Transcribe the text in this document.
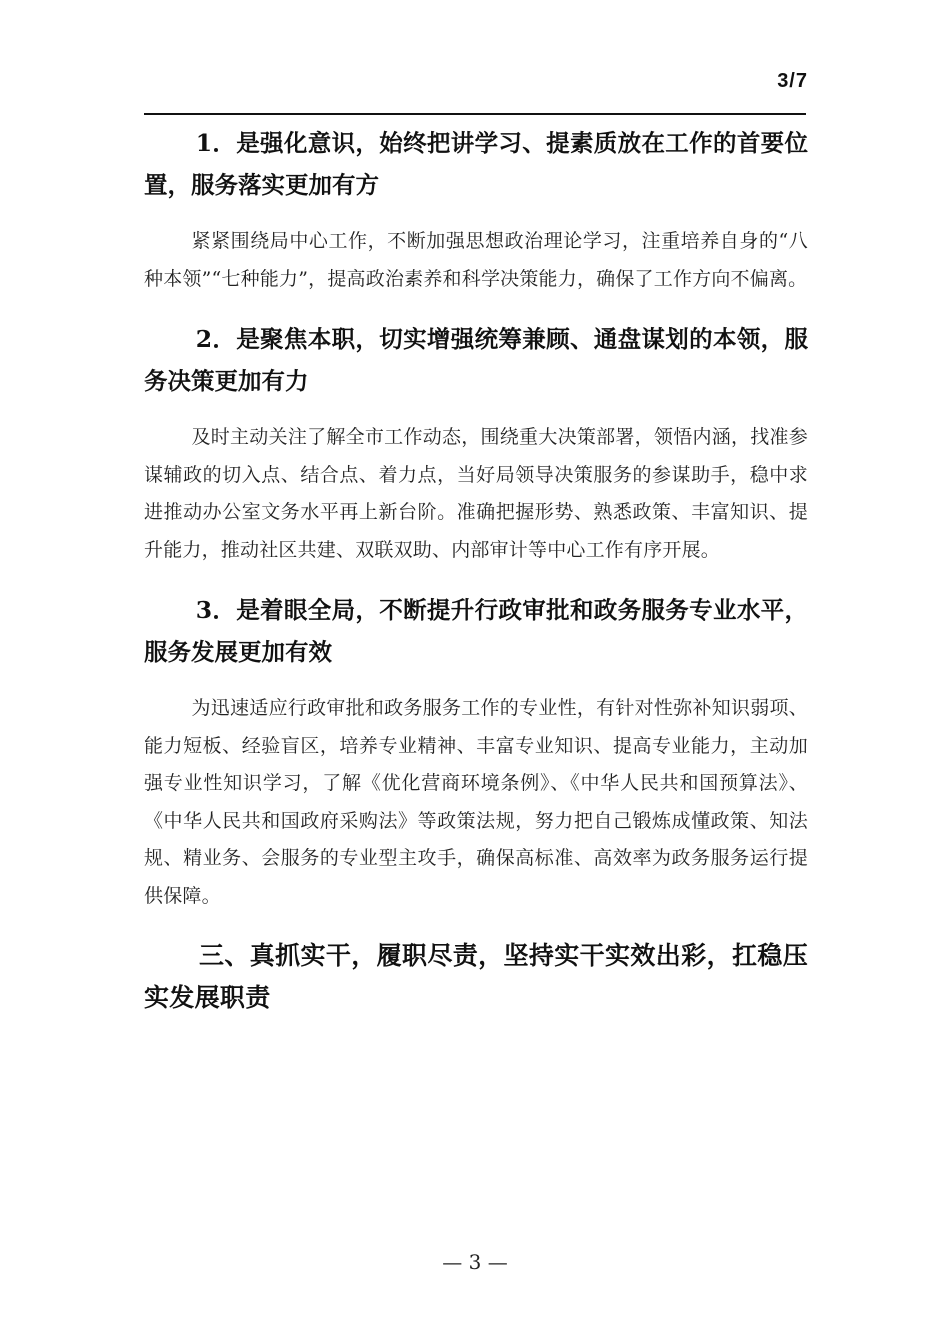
3/7

1．是强化意识，始终把讲学习、提素质放在工作的首要位置，服务落实更加有方

紧紧围绕局中心工作，不断加强思想政治理论学习，注重培养自身的“八种本领”“七种能力”，提高政治素养和科学决策能力，确保了工作方向不偏离。

2．是聚焦本职，切实增强统筹兼顾、通盘谋划的本领，服务决策更加有力

及时主动关注了解全市工作动态，围绕重大决策部署，领悟内涵，找准参谋辅政的切入点、结合点、着力点，当好局领导决策服务的参谋助手，稳中求进推动办公室文务水平再上新台阶。准确把握形势、熟悉政策、丰富知识、提升能力，推动社区共建、双联双助、内部审计等中心工作有序开展。

3．是着眼全局，不断提升行政审批和政务服务专业水平，服务发展更加有效

为迅速适应行政审批和政务服务工作的专业性，有针对性弥补知识弱项、能力短板、经验盲区，培养专业精神、丰富专业知识、提高专业能力，主动加强专业性知识学习，了解《优化营商环境条例》、《中华人民共和国预算法》、《中华人民共和国政府采购法》等政策法规，努力把自己锻炼成懂政策、知法规、精业务、会服务的专业型主攻手，确保高标准、高效率为政务服务运行提供保障。

三、真抓实干，履职尽责，坚持实干实效出彩，扛稳压实发展职责

— 3 —
